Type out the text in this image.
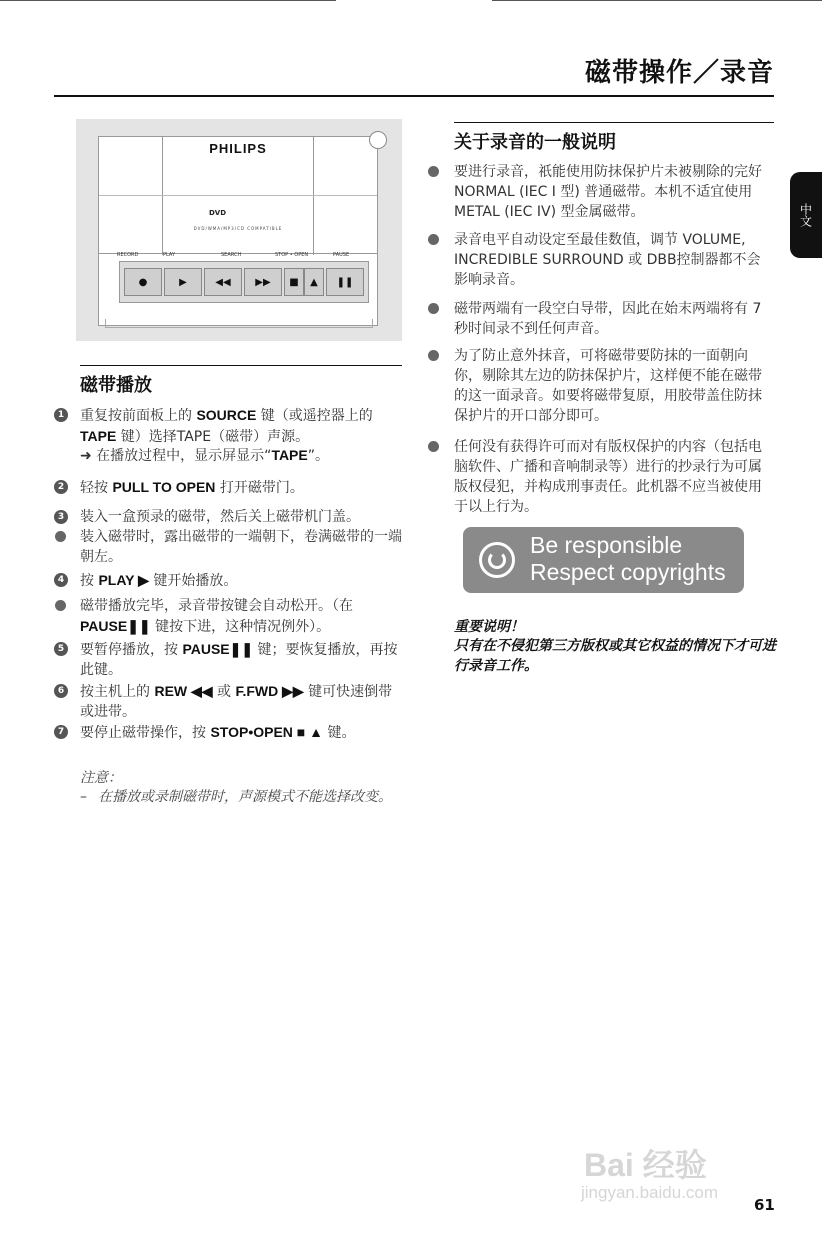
磁带操作／录音
中文
PHILIPS
DVD
DVD/WMA/MP3/CD COMPATIBLE
RECORD	PLAY	SEARCH	STOP • OPEN	PAUSE
●	▶	◀◀	▶▶	■	▲	❚❚
磁带播放
1 重复按前面板上的 SOURCE 键（或遥控器上的 TAPE 键）选择TAPE（磁带）声源。
➜ 在播放过程中，显示屏显示“TAPE”。
2 轻按 PULL TO OPEN 打开磁带门。
3 装入一盒预录的磁带，然后关上磁带机门盖。
装入磁带时，露出磁带的一端朝下，卷满磁带的一端朝左。
4 按 PLAY ▶ 键开始播放。
磁带播放完毕，录音带按键会自动松开。（在 PAUSE❚❚ 键按下进，这种情况例外）。
5 要暂停播放，按 PAUSE❚❚ 键；要恢复播放，再按此键。
6 按主机上的 REW ◀◀ 或 F.FWD ▶▶ 键可快速倒带或进带。
7 要停止磁带操作，按 STOP•OPEN ■ ▲ 键。
注意：
– 在播放或录制磁带时，声源模式不能选择改变。
关于录音的一般说明
要进行录音，祇能使用防抹保护片未被剔除的完好 NORMAL (IEC I 型) 普通磁带。本机不适宜使用 METAL (IEC IV) 型金属磁带。
录音电平自动设定至最佳数值，调节 VOLUME, INCREDIBLE SURROUND 或 DBB控制器都不会影响录音。
磁带两端有一段空白导带，因此在始末两端将有 7 秒时间录不到任何声音。
为了防止意外抹音，可将磁带要防抹的一面朝向你，剔除其左边的防抹保护片，这样便不能在磁带的这一面录音。如要将磁带复原，用胶带盖住防抹保护片的开口部分即可。
任何没有获得许可而对有版权保护的内容（包括电脑软件、广播和音响制录等）进行的抄录行为可属版权侵犯，并构成刑事责任。此机器不应当被使用于以上行为。
Be responsible
Respect copyrights
重要说明！
只有在不侵犯第三方版权或其它权益的情况下才可进行录音工作。
Bai 经验
jingyan.baidu.com
61
